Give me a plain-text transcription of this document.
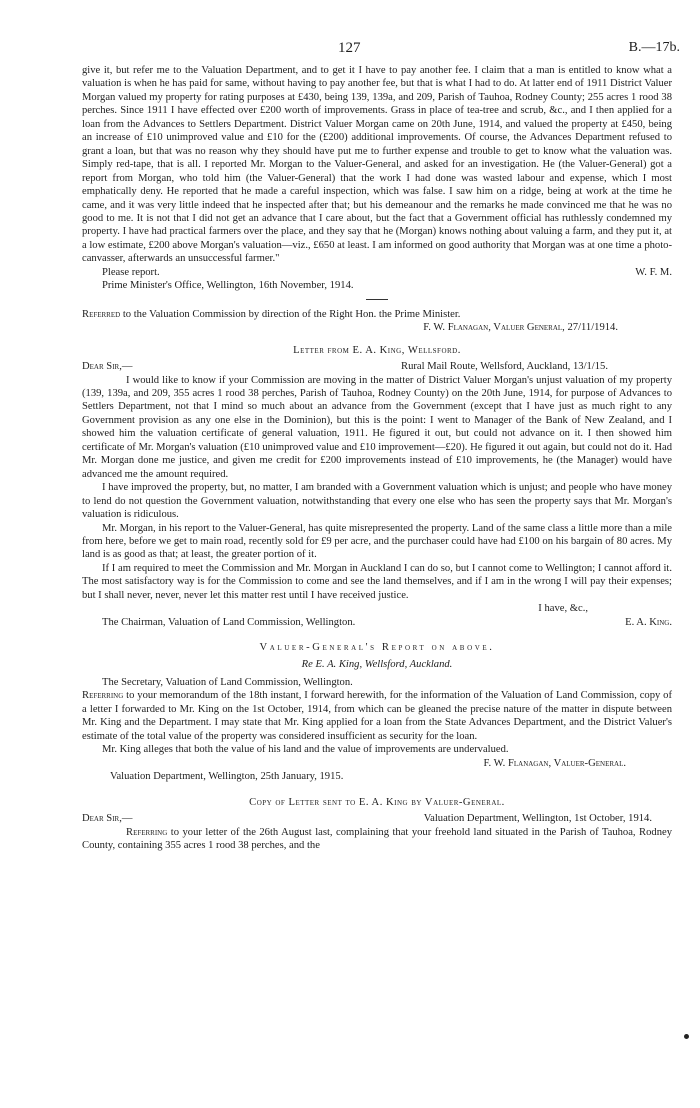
127	B.—17b.

give it, but refer me to the Valuation Department, and to get it I have to pay another fee. I claim that a man is entitled to know what a valuation is when he has paid for same, without having to pay another fee, but that is what I had to do. At latter end of 1911 District Valuer Morgan valued my property for rating purposes at £430, being 139, 139a, and 209, Parish of Tauhoa, Rodney County; 255 acres 1 rood 38 perches. Since 1911 I have effected over £200 worth of improvements. Grass in place of tea-tree and scrub, &c., and I then applied for a loan from the Advances to Settlers Department. District Valuer Morgan came on 20th June, 1914, and valued the property at £450, being an increase of £10 unimproved value and £10 for the (£200) additional improvements. Of course, the Advances Department refused to grant a loan, but that was no reason why they should have put me to further expense and trouble to get to know what the valuation was. Simply red-tape, that is all. I reported Mr. Morgan to the Valuer-General, and asked for an investigation. He (the Valuer-General) got a report from Morgan, who told him (the Valuer-General) that the work I had done was wasted labour and expense, which I most emphatically deny. He reported that he made a careful inspection, which was false. I saw him on a ridge, being at work at the time he came, and it was very little indeed that he inspected after that; but his demeanour and the remarks he made convinced me that he was no good to me. It is not that I did not get an advance that I care about, but the fact that a Government official has ruthlessly condemned my property. I have had practical farmers over the place, and they say that he (Morgan) knows nothing about valuing a farm, and they put it, at a low estimate, £200 above Morgan's valuation—viz., £650 at least. I am informed on good authority that Morgan was at one time a photo-canvasser, afterwards an unsuccessful farmer."

Please report.	W. F. M.

Prime Minister's Office, Wellington, 16th November, 1914.

Referred to the Valuation Commission by direction of the Right Hon. the Prime Minister.

F. W. Flanagan, Valuer General, 27/11/1914.

Letter from E. A. King, Wellsford.

Dear Sir,—	Rural Mail Route, Wellsford, Auckland, 13/1/15.

I would like to know if your Commission are moving in the matter of District Valuer Morgan's unjust valuation of my property (139, 139a, and 209, 355 acres 1 rood 38 perches, Parish of Tauhoa, Rodney County) on the 20th June, 1914, for purpose of Advances to Settlers Department, not that I mind so much about an advance from the Government (except that I have just as much right to any Government provision as any one else in the Dominion), but this is the point: I went to Manager of the Bank of New Zealand, and I showed him the valuation certificate of general valuation, 1911. He figured it out, but could not advance on it. I then showed him certificate of Mr. Morgan's valuation (£10 unimproved value and £10 improvement—£20). He figured it out again, but could not do it. Had Mr. Morgan done me justice, and given me credit for £200 improvements instead of £10 improvements, he (the Manager) would have advanced me the amount required.

I have improved the property, but, no matter, I am branded with a Government valuation which is unjust; and people who have money to lend do not question the Government valuation, notwithstanding that every one else who has seen the property says that Mr. Morgan's valuation is ridiculous.

Mr. Morgan, in his report to the Valuer-General, has quite misrepresented the property. Land of the same class a little more than a mile from here, before we get to main road, recently sold for £9 per acre, and the purchaser could have had £100 on his bargain of 80 acres. My land is as good as that; at least, the greater portion of it.

If I am required to meet the Commission and Mr. Morgan in Auckland I can do so, but I cannot come to Wellington; I cannot afford it. The most satisfactory way is for the Commission to come and see the land themselves, and if I am in the wrong I will pay their expenses; but I shall never, never, never let this matter rest until I have received justice.

I have, &c.,

The Chairman, Valuation of Land Commission, Wellington.	E. A. King.

Valuer-General's Report on above.

Re E. A. King, Wellsford, Auckland.

The Secretary, Valuation of Land Commission, Wellington.

Referring to your memorandum of the 18th instant, I forward herewith, for the information of the Valuation of Land Commission, copy of a letter I forwarded to Mr. King on the 1st October, 1914, from which can be gleaned the precise nature of the matter in dispute between Mr. King and the Department. I may state that Mr. King applied for a loan from the State Advances Department, and the District Valuer's estimate of the total value of the property was considered insufficient as security for the loan.

Mr. King alleges that both the value of his land and the value of improvements are undervalued.

F. W. Flanagan, Valuer-General.

Valuation Department, Wellington, 25th January, 1915.

Copy of Letter sent to E. A. King by Valuer-General.

Dear Sir,—	Valuation Department, Wellington, 1st October, 1914.

Referring to your letter of the 26th August last, complaining that your freehold land situated in the Parish of Tauhoa, Rodney County, containing 355 acres 1 rood 38 perches, and the
